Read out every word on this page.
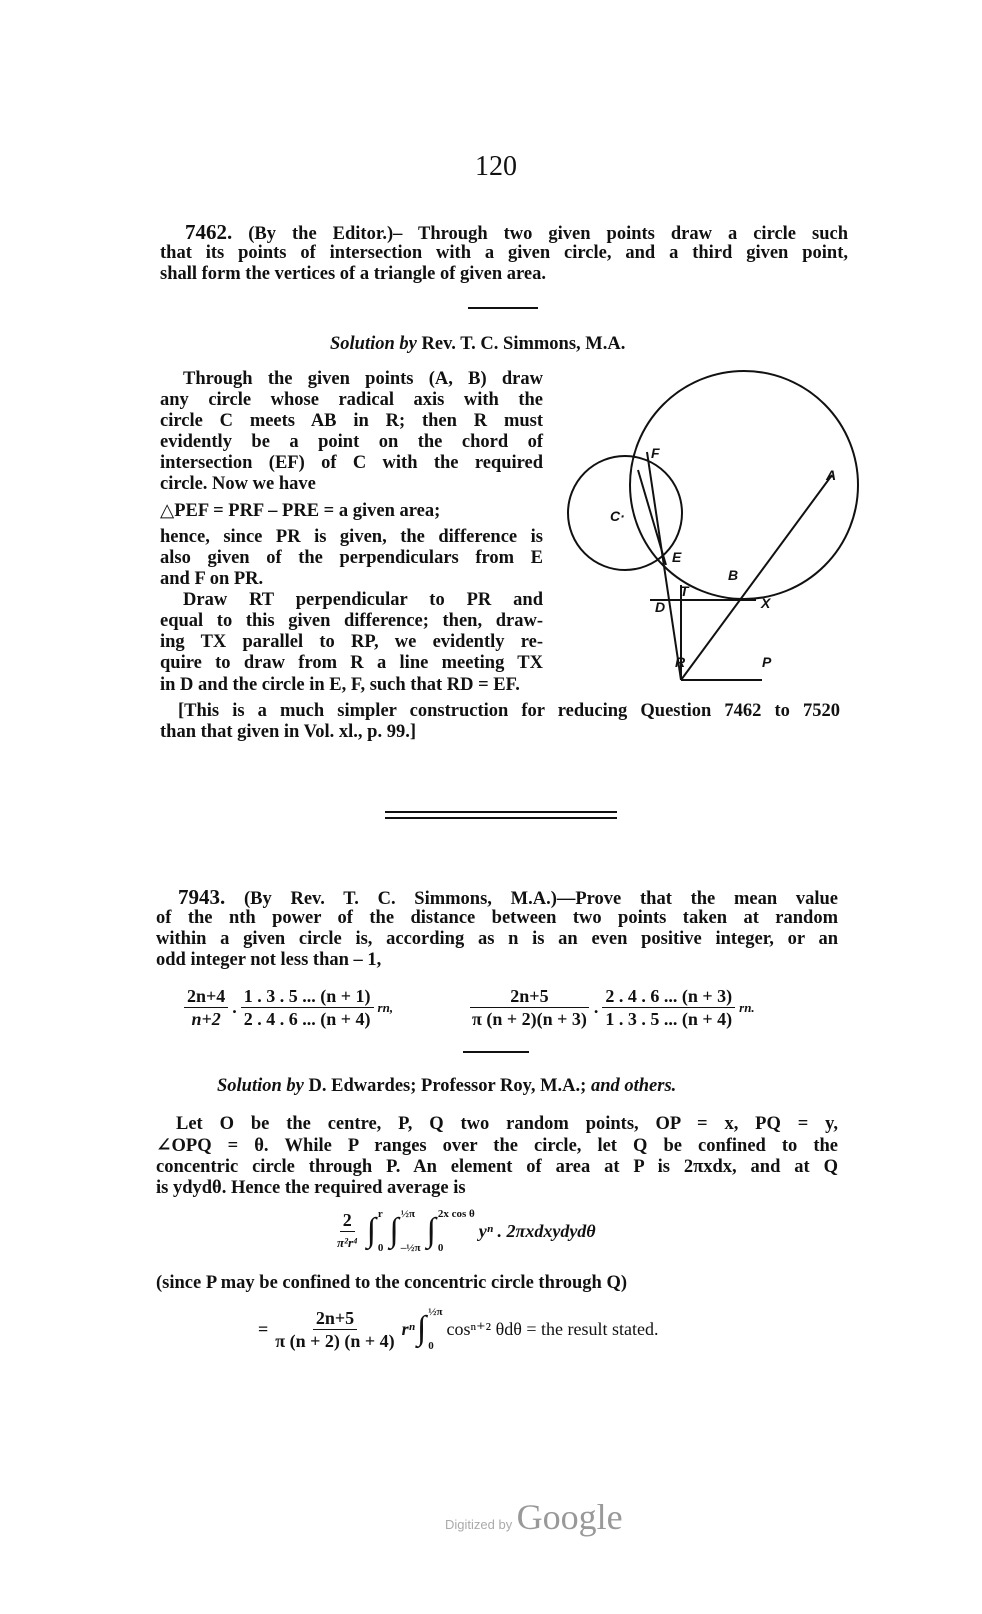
120
7462. (By the Editor.)– Through two given points draw a circle such
that its points of intersection with a given circle, and a third given point,
shall form the vertices of a triangle of given area.
Solution by Rev. T. C. Simmons, M.A.
Through the given points (A, B) draw
any circle whose radical axis with the
circle C meets AB in R; then R must
evidently be a point on the chord of
intersection (EF) of C with the required
circle. Now we have
△PEF = PRF – PRE = a given area;
hence, since PR is given, the difference is
also given of the perpendiculars from E
and F on PR.
Draw RT perpendicular to PR and
equal to this given difference; then, draw-
ing TX parallel to RP, we evidently re-
quire to draw from R a line meeting TX
in D and the circle in E, F, such that RD = EF.
[This is a much simpler construction for reducing Question 7462 to 7520
than that given in Vol. xl., p. 99.]
F
A
C·
E
B
T
D	X
R	P
7943. (By Rev. T. C. Simmons, M.A.)—Prove that the mean value
of the nth power of the distance between two points taken at random
within a given circle is, according as n is an even positive integer, or an
odd integer not less than – 1,
$\frac{2n+4}{n+2}$ . $\frac{1 . 3 . 5 ... (n + 1)}{2 . 4 . 6 ... (n + 4)}$ rn,	$\frac{2n+5}{\pi (n + 2)(n + 3)}$ . $\frac{2 . 4 . 6 ... (n + 3)}{1 . 3 . 5 ... (n + 4)}$ rn.
Solution by D. Edwardes; Professor Roy, M.A.; and others.
Let O be the centre, P, Q two random points, OP = x, PQ = y,
∠OPQ = θ. While P ranges over the circle, let Q be confined to the
concentric circle through P. An element of area at P is 2πxdx, and at Q
is ydydθ. Hence the required average is
$\frac{2}{\text{π²r⁴}}$ ∫ r
0 ∫ ½π
–½π ∫ 2x cos θ
0
yⁿ . 2πxdxydydθ
(since P may be confined to the concentric circle through Q)
= $\frac{2n+5}{\pi (n + 2) (n + 4)}$ rⁿ ∫ ½π
0
cosⁿ⁺² θdθ = the result stated.
Digitized by Google
